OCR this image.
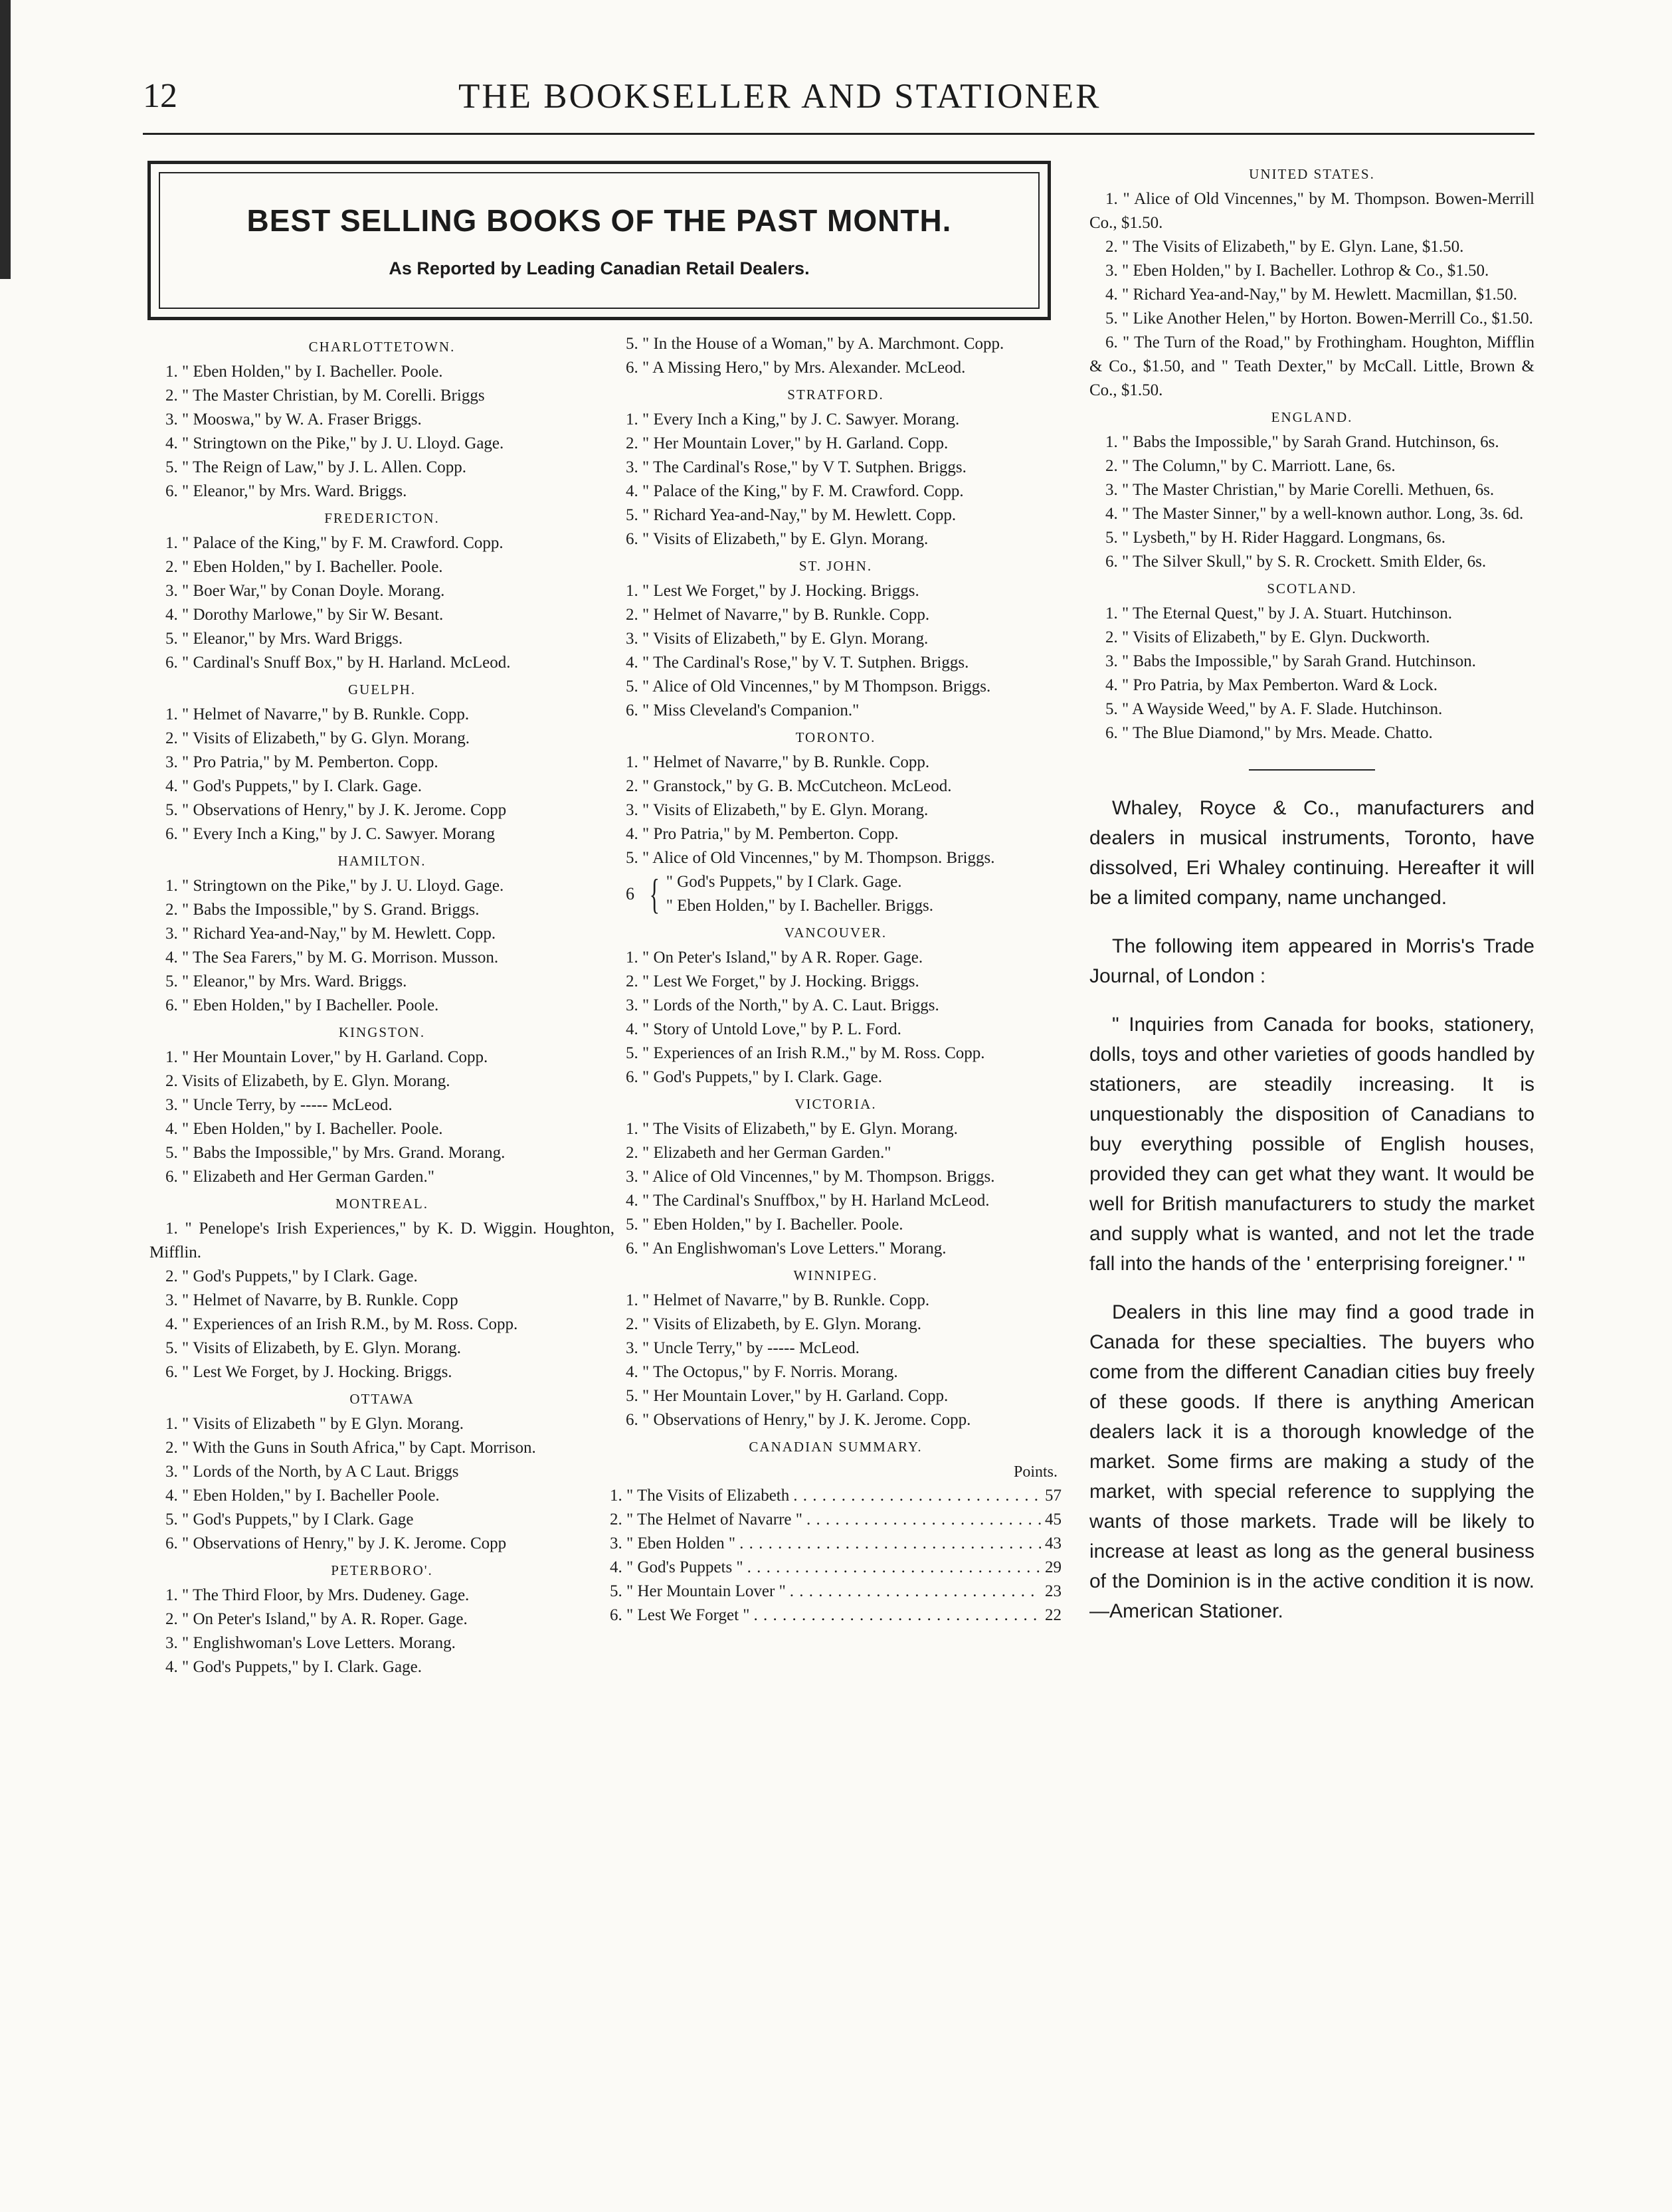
12	THE BOOKSELLER AND STATIONER
BEST SELLING BOOKS OF THE PAST MONTH.
As Reported by Leading Canadian Retail Dealers.
CHARLOTTETOWN.

1. " Eben Holden," by I. Bacheller. Poole.

2. " The Master Christian, by M. Corelli. Briggs

3. " Mooswa," by W. A. Fraser Briggs.

4. " Stringtown on the Pike," by J. U. Lloyd. Gage.

5. " The Reign of Law," by J. L. Allen. Copp.

6. " Eleanor," by Mrs. Ward. Briggs.

FREDERICTON.

1. " Palace of the King," by F. M. Crawford. Copp.

2. " Eben Holden," by I. Bacheller. Poole.

3. " Boer War," by Conan Doyle. Morang.

4. " Dorothy Marlowe," by Sir W. Besant.

5. " Eleanor," by Mrs. Ward Briggs.

6. " Cardinal's Snuff Box," by H. Harland. McLeod.

GUELPH.

1. " Helmet of Navarre," by B. Runkle. Copp.

2. " Visits of Elizabeth," by G. Glyn. Morang.

3. " Pro Patria," by M. Pemberton. Copp.

4. " God's Puppets," by I. Clark. Gage.

5. " Observations of Henry," by J. K. Jerome. Copp

6. " Every Inch a King," by J. C. Sawyer. Morang

HAMILTON.

1. " Stringtown on the Pike," by J. U. Lloyd. Gage.

2. " Babs the Impossible," by S. Grand. Briggs.

3. " Richard Yea-and-Nay," by M. Hewlett. Copp.

4. " The Sea Farers," by M. G. Morrison. Musson.

5. " Eleanor," by Mrs. Ward. Briggs.

6. " Eben Holden," by I Bacheller. Poole.

KINGSTON.

1. " Her Mountain Lover," by H. Garland. Copp.

2. Visits of Elizabeth, by E. Glyn. Morang.

3. " Uncle Terry, by ----- McLeod.

4. " Eben Holden," by I. Bacheller. Poole.

5. " Babs the Impossible," by Mrs. Grand. Morang.

6. " Elizabeth and Her German Garden."

MONTREAL.

1. " Penelope's Irish Experiences," by K. D. Wiggin. Houghton, Mifflin.

2. " God's Puppets," by I Clark. Gage.

3. " Helmet of Navarre, by B. Runkle. Copp

4. " Experiences of an Irish R.M., by M. Ross. Copp.

5. " Visits of Elizabeth, by E. Glyn. Morang.

6. " Lest We Forget, by J. Hocking. Briggs.

OTTAWA

1. " Visits of Elizabeth " by E Glyn. Morang.

2. " With the Guns in South Africa," by Capt. Morrison.

3. " Lords of the North, by A C Laut. Briggs

4. " Eben Holden," by I. Bacheller Poole.

5. " God's Puppets," by I Clark. Gage

6. " Observations of Henry," by J. K. Jerome. Copp

PETERBORO'.

1. " The Third Floor, by Mrs. Dudeney. Gage.

2. " On Peter's Island," by A. R. Roper. Gage.

3. " Englishwoman's Love Letters. Morang.

4. " God's Puppets," by I. Clark. Gage.

5. " In the House of a Woman," by A. Marchmont. Copp.

6. " A Missing Hero," by Mrs. Alexander. McLeod.

STRATFORD.

1. " Every Inch a King," by J. C. Sawyer. Morang.

2. " Her Mountain Lover," by H. Garland. Copp.

3. " The Cardinal's Rose," by V T. Sutphen. Briggs.

4. " Palace of the King," by F. M. Crawford. Copp.

5. " Richard Yea-and-Nay," by M. Hewlett. Copp.

6. " Visits of Elizabeth," by E. Glyn. Morang.

ST. JOHN.

1. " Lest We Forget," by J. Hocking. Briggs.

2. " Helmet of Navarre," by B. Runkle. Copp.

3. " Visits of Elizabeth," by E. Glyn. Morang.

4. " The Cardinal's Rose," by V. T. Sutphen. Briggs.

5. " Alice of Old Vincennes," by M Thompson. Briggs.

6. " Miss Cleveland's Companion."

TORONTO.

1. " Helmet of Navarre," by B. Runkle. Copp.

2. " Granstock," by G. B. McCutcheon. McLeod.

3. " Visits of Elizabeth," by E. Glyn. Morang.

4. " Pro Patria," by M. Pemberton. Copp.

5. " Alice of Old Vincennes," by M. Thompson. Briggs.

6 { " God's Puppets," by I Clark. Gage.
" Eben Holden," by I. Bacheller. Briggs.
VANCOUVER.

1. " On Peter's Island," by A R. Roper. Gage.

2. " Lest We Forget," by J. Hocking. Briggs.

3. " Lords of the North," by A. C. Laut. Briggs.

4. " Story of Untold Love," by P. L. Ford.

5. " Experiences of an Irish R.M.," by M. Ross. Copp.

6. " God's Puppets," by I. Clark. Gage.

VICTORIA.

1. " The Visits of Elizabeth," by E. Glyn. Morang.

2. " Elizabeth and her German Garden."

3. " Alice of Old Vincennes," by M. Thompson. Briggs.

4. " The Cardinal's Snuffbox," by H. Harland McLeod.

5. " Eben Holden," by I. Bacheller. Poole.

6. " An Englishwoman's Love Letters." Morang.

WINNIPEG.

1. " Helmet of Navarre," by B. Runkle. Copp.

2. " Visits of Elizabeth, by E. Glyn. Morang.

3. " Uncle Terry," by ----- McLeod.

4. " The Octopus," by F. Norris. Morang.

5. " Her Mountain Lover," by H. Garland. Copp.

6. " Observations of Henry," by J. K. Jerome. Copp.

CANADIAN SUMMARY.
Points.
1. " The Visits of Elizabeth . . .	57
2. " The Helmet of Navarre " . . .	45
3. " Eben Holden " . . .	43
4. " God's Puppets " . . .	29
5. " Her Mountain Lover " . . .	23
6. " Lest We Forget " . . .	22
UNITED STATES.

1. " Alice of Old Vincennes," by M. Thompson. Bowen-Merrill Co., $1.50.

2. " The Visits of Elizabeth," by E. Glyn. Lane, $1.50.

3. " Eben Holden," by I. Bacheller. Lothrop & Co., $1.50.

4. " Richard Yea-and-Nay," by M. Hewlett. Macmillan, $1.50.

5. " Like Another Helen," by Horton. Bowen-Merrill Co., $1.50.

6. " The Turn of the Road," by Frothingham. Houghton, Mifflin & Co., $1.50, and " Teath Dexter," by McCall. Little, Brown & Co., $1.50.

ENGLAND.

1. " Babs the Impossible," by Sarah Grand. Hutchinson, 6s.

2. " The Column," by C. Marriott. Lane, 6s.

3. " The Master Christian," by Marie Corelli. Methuen, 6s.

4. " The Master Sinner," by a well-known author. Long, 3s. 6d.

5. " Lysbeth," by H. Rider Haggard. Longmans, 6s.

6. " The Silver Skull," by S. R. Crockett. Smith Elder, 6s.

SCOTLAND.

1. " The Eternal Quest," by J. A. Stuart. Hutchinson.

2. " Visits of Elizabeth," by E. Glyn. Duckworth.

3. " Babs the Impossible," by Sarah Grand. Hutchinson.

4. " Pro Patria, by Max Pemberton. Ward & Lock.

5. " A Wayside Weed," by A. F. Slade. Hutchinson.

6. " The Blue Diamond," by Mrs. Meade. Chatto.

Whaley, Royce & Co., manufacturers and dealers in musical instruments, Toronto, have dissolved, Eri Whaley continuing. Hereafter it will be a limited company, name unchanged.

The following item appeared in Morris's Trade Journal, of London :

" Inquiries from Canada for books, stationery, dolls, toys and other varieties of goods handled by stationers, are steadily increasing. It is unquestionably the disposition of Canadians to buy everything possible of English houses, provided they can get what they want. It would be well for British manufacturers to study the market and supply what is wanted, and not let the trade fall into the hands of the ' enterprising foreigner.' "

Dealers in this line may find a good trade in Canada for these specialties. The buyers who come from the different Canadian cities buy freely of these goods. If there is anything American dealers lack it is a thorough knowledge of the market. Some firms are making a study of the market, with special reference to supplying the wants of those markets. Trade will be likely to increase at least as long as the general business of the Dominion is in the active condition it is now.—American Stationer.
